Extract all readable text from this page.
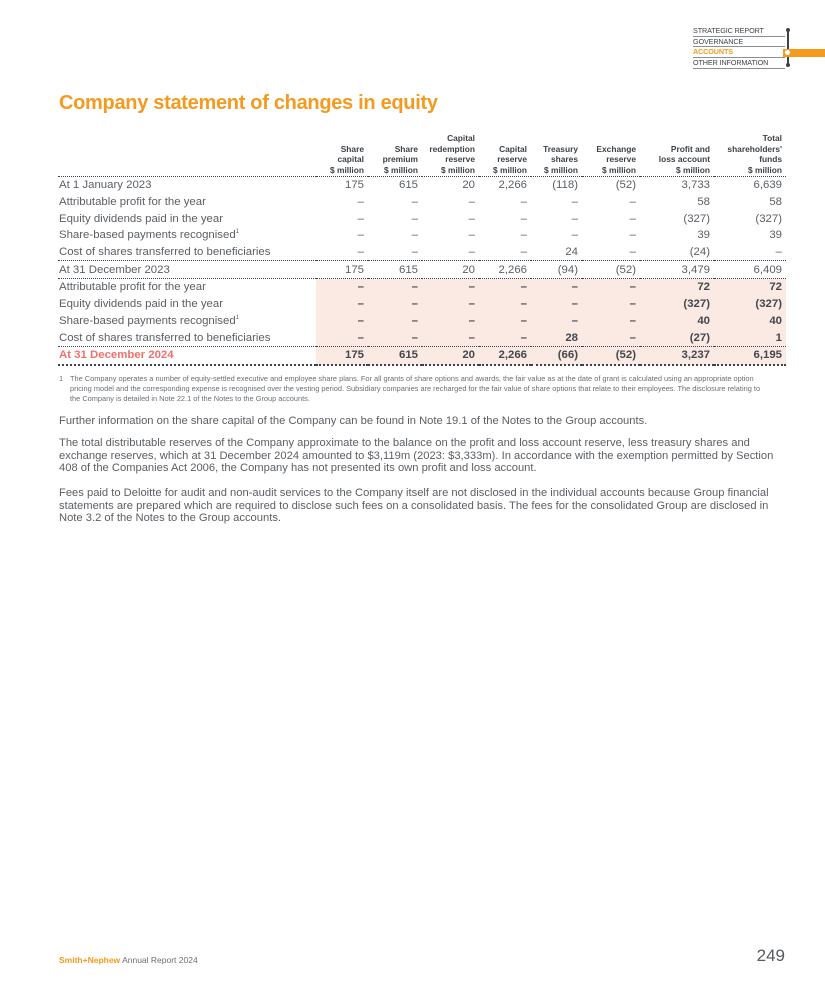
STRATEGIC REPORT
GOVERNANCE
ACCOUNTS
OTHER INFORMATION
Company statement of changes in equity
	Share
capital
$ million	Share
premium
$ million	Capital
redemption
reserve
$ million	Capital
reserve
$ million	Treasury
shares
$ million	Exchange
reserve
$ million	Profit and
loss account
$ million	Total
shareholders'
funds
$ million
At 1 January 2023	175	615	20	2,266	(118)	(52)	3,733	6,639
Attributable profit for the year	–	–	–	–	–	–	58	58
Equity dividends paid in the year	–	–	–	–	–	–	(327)	(327)
Share-based payments recognised$^1$	–	–	–	–	–	–	39	39
Cost of shares transferred to beneficiaries	–	–	–	–	24	–	(24)	–
At 31 December 2023	175	615	20	2,266	(94)	(52)	3,479	6,409
Attributable profit for the year	–	–	–	–	–	–	72	72
Equity dividends paid in the year	–	–	–	–	–	–	(327)	(327)
Share-based payments recognised$^1$	–	–	–	–	–	–	40	40
Cost of shares transferred to beneficiaries	–	–	–	–	28	–	(27)	1
At 31 December 2024	175	615	20	2,266	(66)	(52)	3,237	6,195
1 The Company operates a number of equity-settled executive and employee share plans. For all grants of share options and awards, the fair value as at the date of grant is calculated using an appropriate option pricing model and the corresponding expense is recognised over the vesting period. Subsidiary companies are recharged for the fair value of share options that relate to their employees. The disclosure relating to the Company is detailed in Note 22.1 of the Notes to the Group accounts.

Further information on the share capital of the Company can be found in Note 19.1 of the Notes to the Group accounts.

The total distributable reserves of the Company approximate to the balance on the profit and loss account reserve, less treasury shares and exchange reserves, which at 31 December 2024 amounted to $3,119m (2023: $3,333m). In accordance with the exemption permitted by Section 408 of the Companies Act 2006, the Company has not presented its own profit and loss account.

Fees paid to Deloitte for audit and non-audit services to the Company itself are not disclosed in the individual accounts because Group financial statements are prepared which are required to disclose such fees on a consolidated basis. The fees for the consolidated Group are disclosed in Note 3.2 of the Notes to the Group accounts.

Smith+Nephew Annual Report 2024	249
